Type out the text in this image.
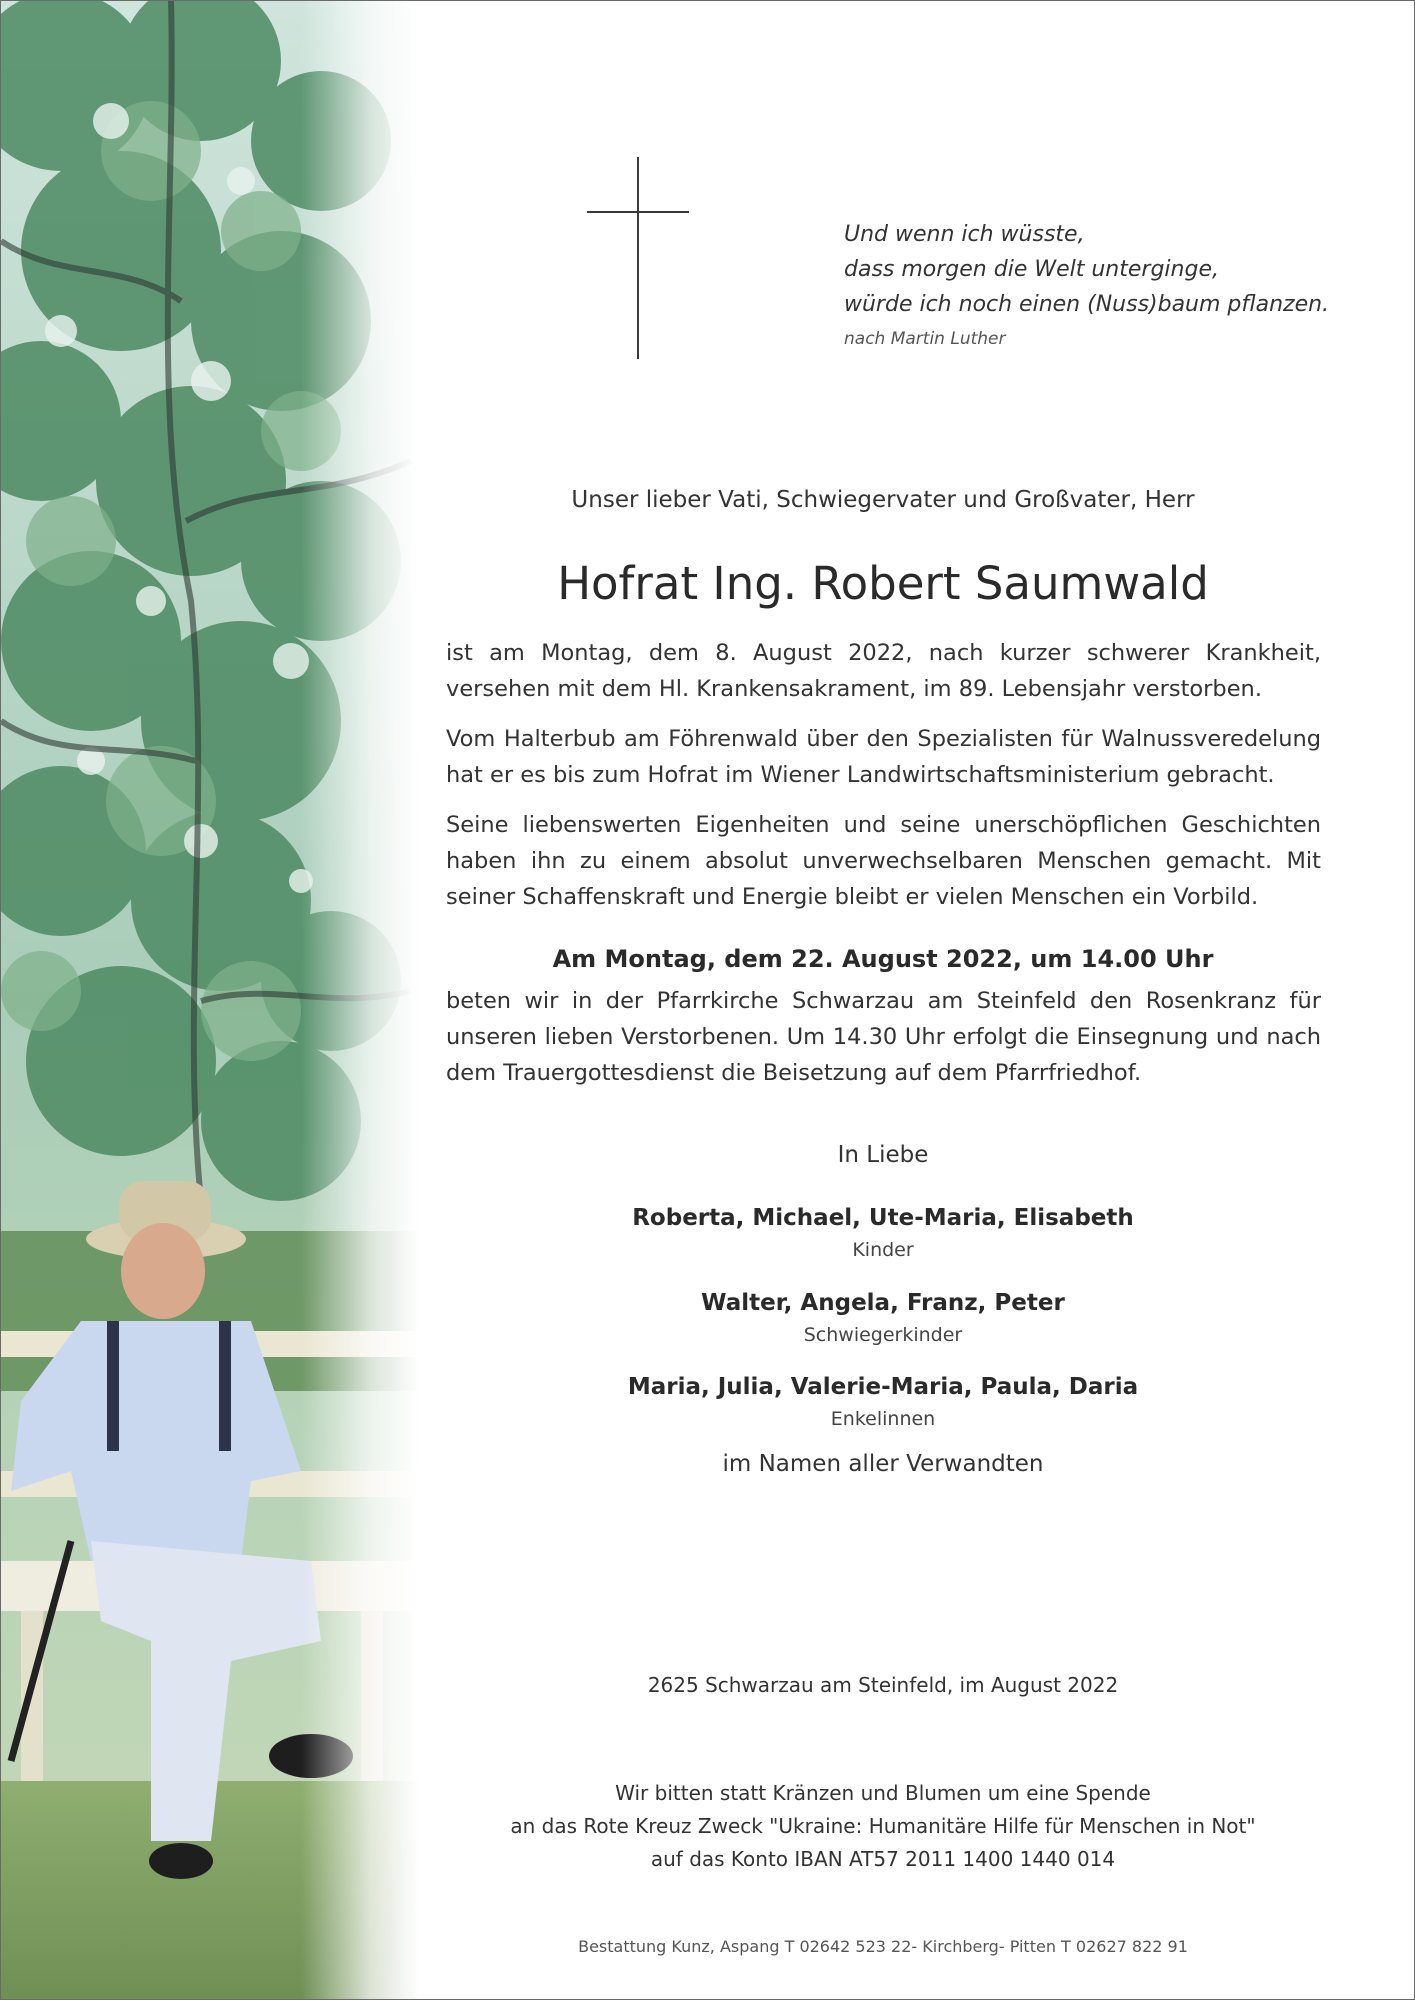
Und wenn ich wüsste,
dass morgen die Welt unterginge,
würde ich noch einen (Nuss)baum pflanzen.
nach Martin Luther
Unser lieber Vati, Schwiegervater und Großvater, Herr
Hofrat Ing. Robert Saumwald

ist am Montag, dem 8. August 2022, nach kurzer schwerer Krankheit, versehen mit dem Hl. Krankensakrament, im 89. Lebensjahr verstorben.

Vom Halterbub am Föhrenwald über den Spezialisten für Walnussveredelung hat er es bis zum Hofrat im Wiener Landwirtschaftsministerium gebracht.

Seine liebenswerten Eigenheiten und seine unerschöpflichen Geschichten haben ihn zu einem absolut unverwechselbaren Menschen gemacht. Mit seiner Schaffenskraft und Energie bleibt er vielen Menschen ein Vorbild.

Am Montag, dem 22. August 2022, um 14.00 Uhr

beten wir in der Pfarrkirche Schwarzau am Steinfeld den Rosenkranz für unseren lieben Verstorbenen. Um 14.30 Uhr erfolgt die Einsegnung und nach dem Trauergottesdienst die Beisetzung auf dem Pfarrfriedhof.

In Liebe
Roberta, Michael, Ute-Maria, Elisabeth
Kinder
Walter, Angela, Franz, Peter
Schwiegerkinder
Maria, Julia, Valerie-Maria, Paula, Daria
Enkelinnen
im Namen aller Verwandten
2625 Schwarzau am Steinfeld, im August 2022
Wir bitten statt Kränzen und Blumen um eine Spende
an das Rote Kreuz Zweck "Ukraine: Humanitäre Hilfe für Menschen in Not"
auf das Konto IBAN AT57 2011 1400 1440 014
Bestattung Kunz, Aspang T 02642 523 22- Kirchberg- Pitten T 02627 822 91
